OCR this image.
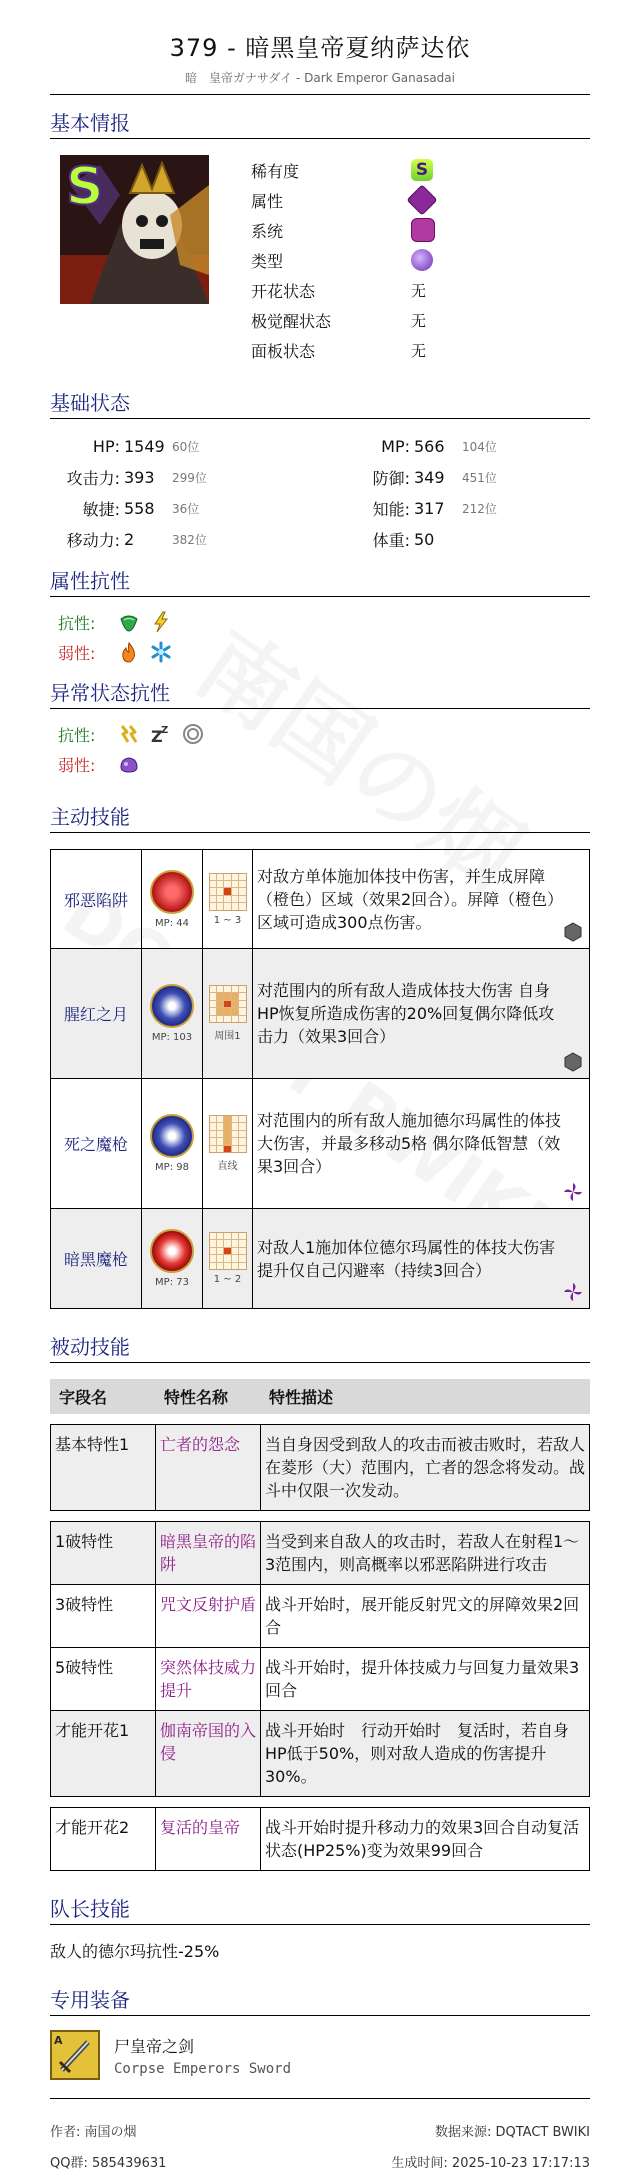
379 - 暗黑皇帝夏纳萨达依
暗　皇帝ガナサダイ - Dark Emperor Ganasadai
基本情报
S	稀有度	S
属性
系统
类型
开花状态	无
极觉醒状态	无
面板状态	无
基础状态
HP: 1549 60位	MP: 566	104位
攻击力: 393	299位	防御: 349	451位
敏捷: 558	36位	知能: 317	212位
移动力: 2	382位	体重: 50
属性抗性
抗性:
弱性:
异常状态抗性
抗性:	Z
Z
弱性:
主动技能
邪恶陷阱	MP: 44	1 ~ 3	对敌方单体施加体技中伤害，并生成屏障（橙色）区域（效果2回合）。屏障（橙色）区域可造成300点伤害。

腥红之月	MP: 103	周围1	对范围内的所有敌人造成体技大伤害 自身HP恢复所造成伤害的20%回复偶尔降低攻击力（效果3回合）

死之魔枪	MP: 98	直线	对范围内的所有敌人施加德尔玛属性的体技大伤害，并最多移动5格 偶尔降低智慧（效果3回合）

暗黑魔枪	MP: 73	1 ~ 2	对敌人1施加体位德尔玛属性的体技大伤害 提升仅自己闪避率（持续3回合）
被动技能
字段名	特性名称	特性描述

基本特性1	亡者的怨念	当自身因受到敌人的攻击而被击败时，若敌人在菱形（大）范围内，亡者的怨念将发动。战斗中仅限一次发动。

1破特性	暗黑皇帝的陷阱	当受到来自敌人的攻击时，若敌人在射程1～3范围内，则高概率以邪恶陷阱进行攻击
3破特性	咒文反射护盾	战斗开始时，展开能反射咒文的屏障效果2回合
5破特性	突然体技威力提升	战斗开始时，提升体技威力与回复力量效果3回合
才能开花1	伽南帝国的入侵	战斗开始时　行动开始时　复活时，若自身HP低于50%，则对敌人造成的伤害提升30%。

才能开花2	复活的皇帝	战斗开始时提升移动力的效果3回合自动复活状态(HP25%)变为效果99回合
队长技能
敌人的德尔玛抗性-25%
专用装备
A	尸皇帝之剑
Corpse Emperors Sword
作者: 南国の烟	数据来源: DQTACT BWIKI
QQ群: 585439631	生成时间: 2025-10-23 17:17:13
